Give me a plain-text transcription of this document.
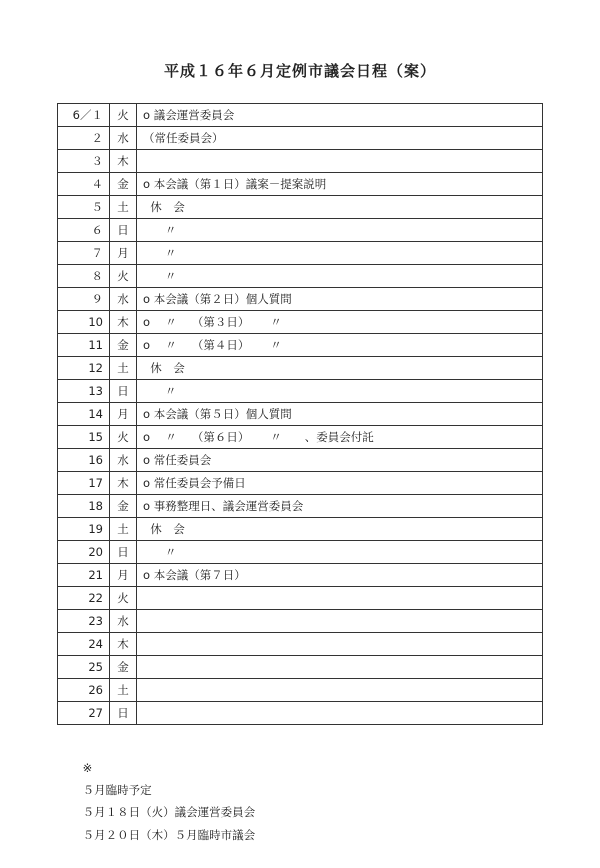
平成１６年６月定例市議会日程（案）
6／１	火	o 議会運営委員会
２	水	（常任委員会）
３	木	
４	金	o 本会議（第１日）議案－提案説明
５	土	休　会
６	日	〃
７	月	〃
８	火	〃
９	水	o 本会議（第２日）個人質問
10	木	o　 〃　 （第３日）　　 〃
11	金	o　 〃　 （第４日）　　 〃
12	土	休　会
13	日	〃
14	月	o 本会議（第５日）個人質問
15	火	o　 〃　 （第６日）　　 〃　　、委員会付託
16	水	o 常任委員会
17	木	o 常任委員会予備日
18	金	o 事務整理日、議会運営委員会
19	土	休　会
20	日	〃
21	月	o 本会議（第７日）
22	火	
23	水	
24	木	
25	金	
26	土	
27	日	

※
５月臨時予定
５月１８日（火）議会運営委員会

５月２０日（木）５月臨時市議会
